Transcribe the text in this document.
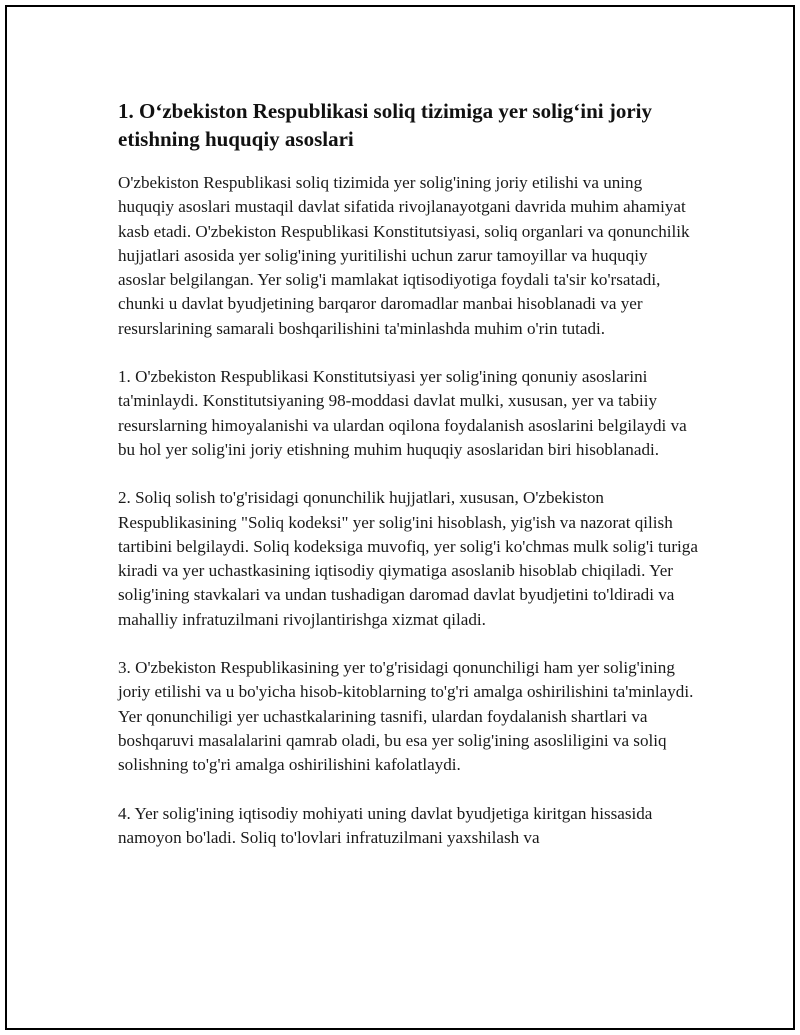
1. O‘zbekiston Respublikasi soliq tizimiga yer solig‘ini joriy etishning huquqiy asoslari

O'zbekiston Respublikasi soliq tizimida yer solig'ining joriy etilishi va uning huquqiy asoslari mustaqil davlat sifatida rivojlanayotgani davrida muhim ahamiyat kasb etadi. O'zbekiston Respublikasi Konstitutsiyasi, soliq organlari va qonunchilik hujjatlari asosida yer solig'ining yuritilishi uchun zarur tamoyillar va huquqiy asoslar belgilangan. Yer solig'i mamlakat iqtisodiyotiga foydali ta'sir ko'rsatadi, chunki u davlat byudjetining barqaror daromadlar manbai hisoblanadi va yer resurslarining samarali boshqarilishini ta'minlashda muhim o'rin tutadi.

1. O'zbekiston Respublikasi Konstitutsiyasi yer solig'ining qonuniy asoslarini ta'minlaydi. Konstitutsiyaning 98-moddasi davlat mulki, xususan, yer va tabiiy resurslarning himoyalanishi va ulardan oqilona foydalanish asoslarini belgilaydi va bu hol yer solig'ini joriy etishning muhim huquqiy asoslaridan biri hisoblanadi.

2. Soliq solish to'g'risidagi qonunchilik hujjatlari, xususan, O'zbekiston Respublikasining "Soliq kodeksi" yer solig'ini hisoblash, yig'ish va nazorat qilish tartibini belgilaydi. Soliq kodeksiga muvofiq, yer solig'i ko'chmas mulk solig'i turiga kiradi va yer uchastkasining iqtisodiy qiymatiga asoslanib hisoblab chiqiladi. Yer solig'ining stavkalari va undan tushadigan daromad davlat byudjetini to'ldiradi va mahalliy infratuzilmani rivojlantirishga xizmat qiladi.

3. O'zbekiston Respublikasining yer to'g'risidagi qonunchiligi ham yer solig'ining joriy etilishi va u bo'yicha hisob-kitoblarning to'g'ri amalga oshirilishini ta'minlaydi. Yer qonunchiligi yer uchastkalarining tasnifi, ulardan foydalanish shartlari va boshqaruvi masalalarini qamrab oladi, bu esa yer solig'ining asosliligini va soliq solishning to'g'ri amalga oshirilishini kafolatlaydi.

4. Yer solig'ining iqtisodiy mohiyati uning davlat byudjetiga kiritgan hissasida namoyon bo'ladi. Soliq to'lovlari infratuzilmani yaxshilash va
